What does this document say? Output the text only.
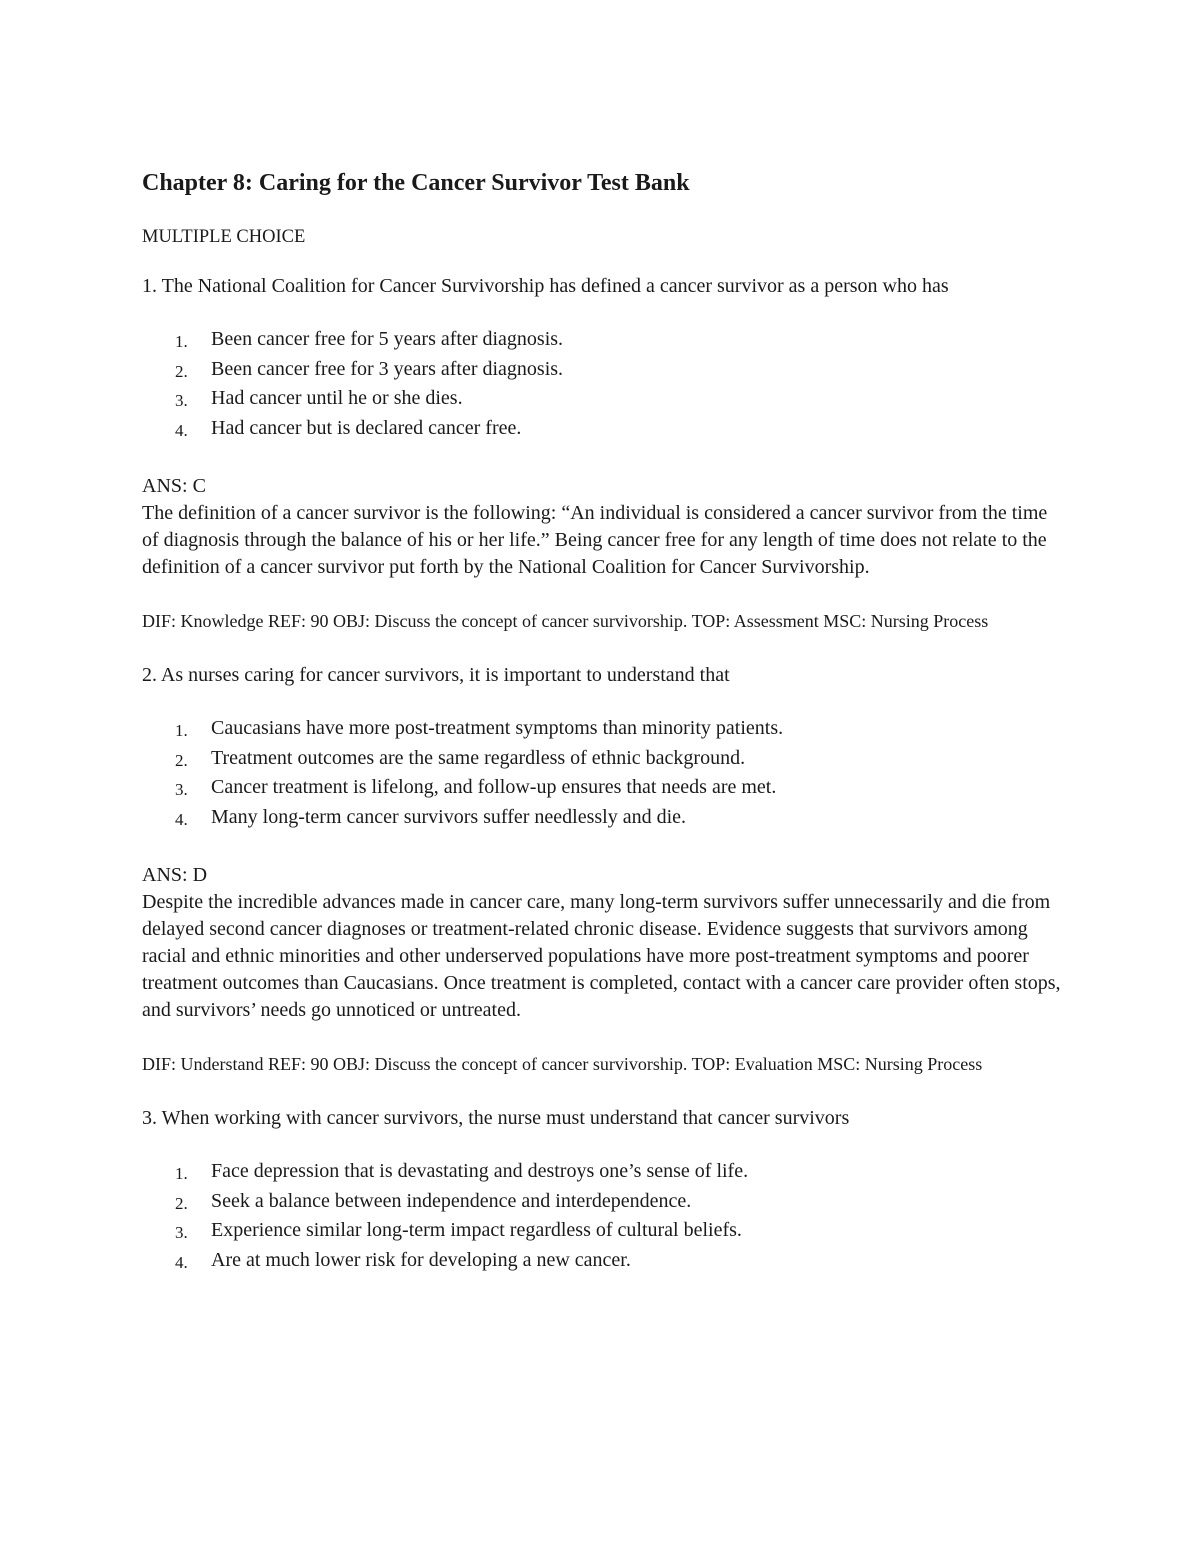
Chapter 8: Caring for the Cancer Survivor Test Bank
MULTIPLE CHOICE
1. The National Coalition for Cancer Survivorship has defined a cancer survivor as a person who has
1. Been cancer free for 5 years after diagnosis.
2. Been cancer free for 3 years after diagnosis.
3. Had cancer until he or she dies.
4. Had cancer but is declared cancer free.
ANS: C
The definition of a cancer survivor is the following: “An individual is considered a cancer survivor from the time of diagnosis through the balance of his or her life.” Being cancer free for any length of time does not relate to the definition of a cancer survivor put forth by the National Coalition for Cancer Survivorship.
DIF: Knowledge REF: 90 OBJ: Discuss the concept of cancer survivorship. TOP: Assessment MSC: Nursing Process
2. As nurses caring for cancer survivors, it is important to understand that
1. Caucasians have more post-treatment symptoms than minority patients.
2. Treatment outcomes are the same regardless of ethnic background.
3. Cancer treatment is lifelong, and follow-up ensures that needs are met.
4. Many long-term cancer survivors suffer needlessly and die.
ANS: D
Despite the incredible advances made in cancer care, many long-term survivors suffer unnecessarily and die from delayed second cancer diagnoses or treatment-related chronic disease. Evidence suggests that survivors among racial and ethnic minorities and other underserved populations have more post-treatment symptoms and poorer treatment outcomes than Caucasians. Once treatment is completed, contact with a cancer care provider often stops, and survivors’ needs go unnoticed or untreated.
DIF: Understand REF: 90 OBJ: Discuss the concept of cancer survivorship. TOP: Evaluation MSC: Nursing Process
3. When working with cancer survivors, the nurse must understand that cancer survivors
1. Face depression that is devastating and destroys one’s sense of life.
2. Seek a balance between independence and interdependence.
3. Experience similar long-term impact regardless of cultural beliefs.
4. Are at much lower risk for developing a new cancer.
